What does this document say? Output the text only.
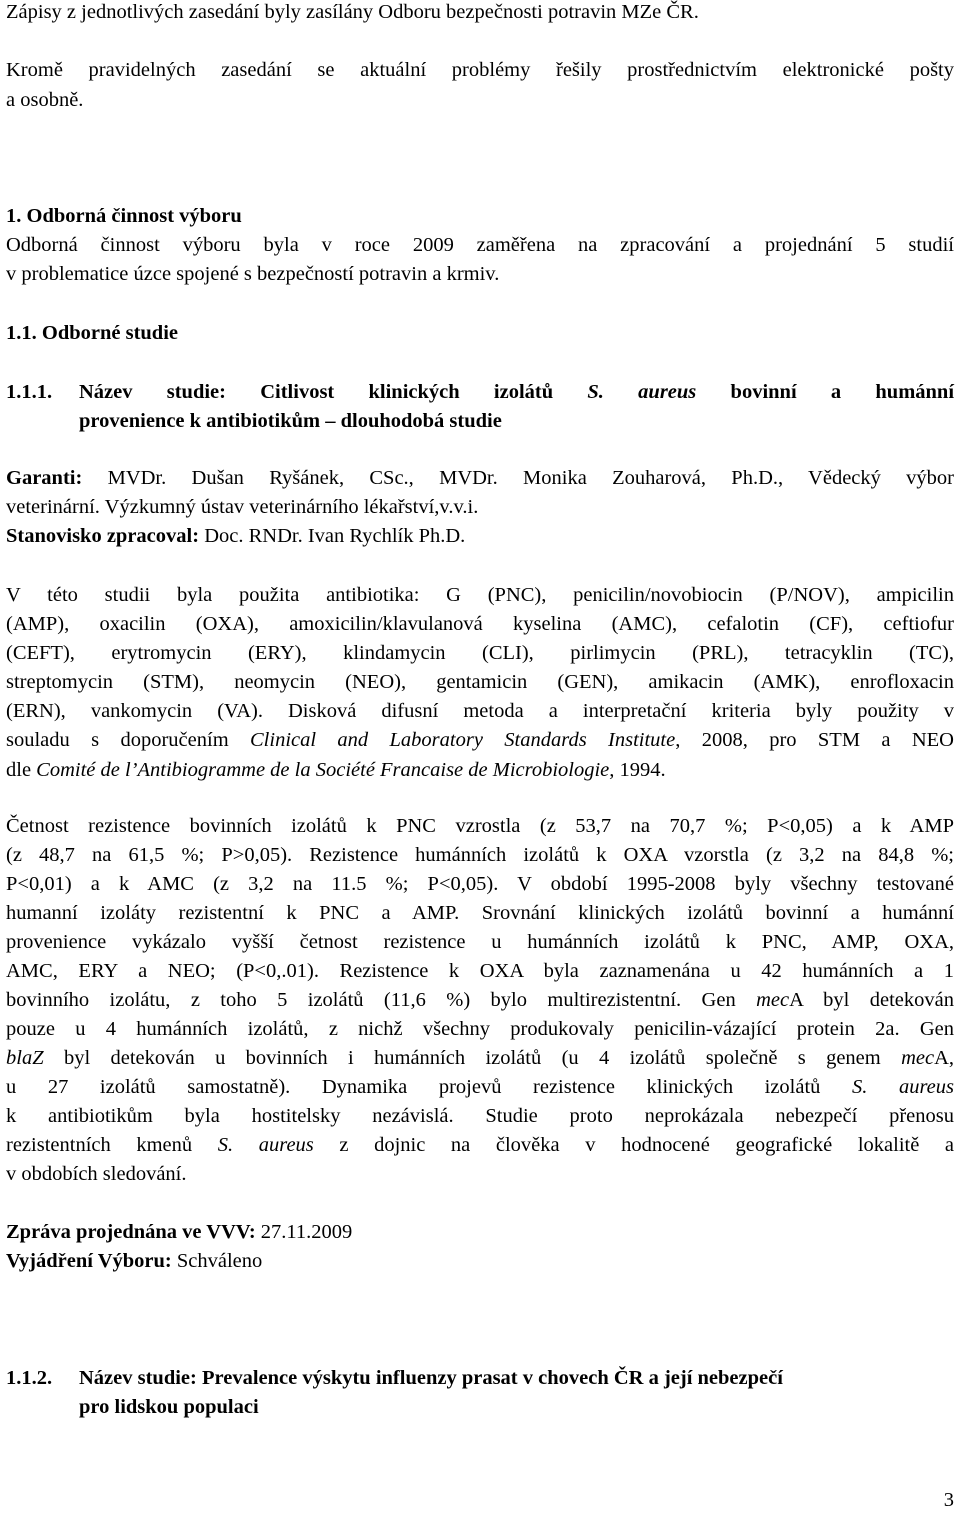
Zápisy z jednotlivých zasedání byly zasílány Odboru bezpečnosti potravin MZe ČR.
Kromě pravidelných zasedání se aktuální problémy řešily prostřednictvím elektronické pošty
a osobně.
1. Odborná činnost výboru
Odborná činnost výboru byla v roce 2009 zaměřena na zpracování a projednání 5 studií
v problematice úzce spojené s bezpečností potravin a krmiv.
1.1. Odborné studie
1.1.1. Název studie: Citlivost klinických izolátů S. aureus bovinní a humánní
provenience k antibiotikům – dlouhodobá studie
Garanti: MVDr. Dušan Ryšánek, CSc., MVDr. Monika Zouharová, Ph.D., Vědecký výbor
veterinární. Výzkumný ústav veterinárního lékařství,v.v.i.
Stanovisko zpracoval: Doc. RNDr. Ivan Rychlík Ph.D.
V této studii byla použita antibiotika: G (PNC), penicilin/novobiocin (P/NOV), ampicilin
(AMP), oxacilin (OXA), amoxicilin/klavulanová kyselina (AMC), cefalotin (CF), ceftiofur
(CEFT), erytromycin (ERY), klindamycin (CLI), pirlimycin (PRL), tetracyklin (TC),
streptomycin (STM), neomycin (NEO), gentamicin (GEN), amikacin (AMK), enrofloxacin
(ERN), vankomycin (VA). Disková difusní metoda a interpretační kriteria byly použity v
souladu s doporučením Clinical and Laboratory Standards Institute, 2008, pro STM a NEO
dle Comité de l’Antibiogramme de la Société Francaise de Microbiologie, 1994.
Četnost rezistence bovinních izolátů k PNC vzrostla (z 53,7 na 70,7 %; P<0,05) a k AMP
(z 48,7 na 61,5 %; P>0,05). Rezistence humánních izolátů k OXA vzorstla (z 3,2 na 84,8 %;
P<0,01) a k AMC (z 3,2 na 11.5 %; P<0,05). V období 1995-2008 byly všechny testované
humanní izoláty rezistentní k PNC a AMP. Srovnání klinických izolátů bovinní a humánní
provenience vykázalo vyšší četnost rezistence u humánních izolátů k PNC, AMP, OXA,
AMC, ERY a NEO; (P<0,.01). Rezistence k OXA byla zaznamenána u 42 humánních a 1
bovinního izolátu, z toho 5 izolátů (11,6 %) bylo multirezistentní. Gen mecA byl detekován
pouze u 4 humánních izolátů, z nichž všechny produkovaly penicilin-vázající protein 2a. Gen
blaZ byl detekován u bovinních i humánních izolátů (u 4 izolátů společně s genem mecA,
u 27 izolátů samostatně). Dynamika projevů rezistence klinických izolátů S. aureus
k antibiotikům byla hostitelsky nezávislá. Studie proto neprokázala nebezpečí přenosu
rezistentních kmenů S. aureus z dojnic na člověka v hodnocené geografické lokalitě a
v obdobích sledování.
Zpráva projednána ve VVV: 27.11.2009
Vyjádření Výboru: Schváleno
1.1.2. Název studie: Prevalence výskytu influenzy prasat v chovech ČR a její nebezpečí
pro lidskou populaci
3
